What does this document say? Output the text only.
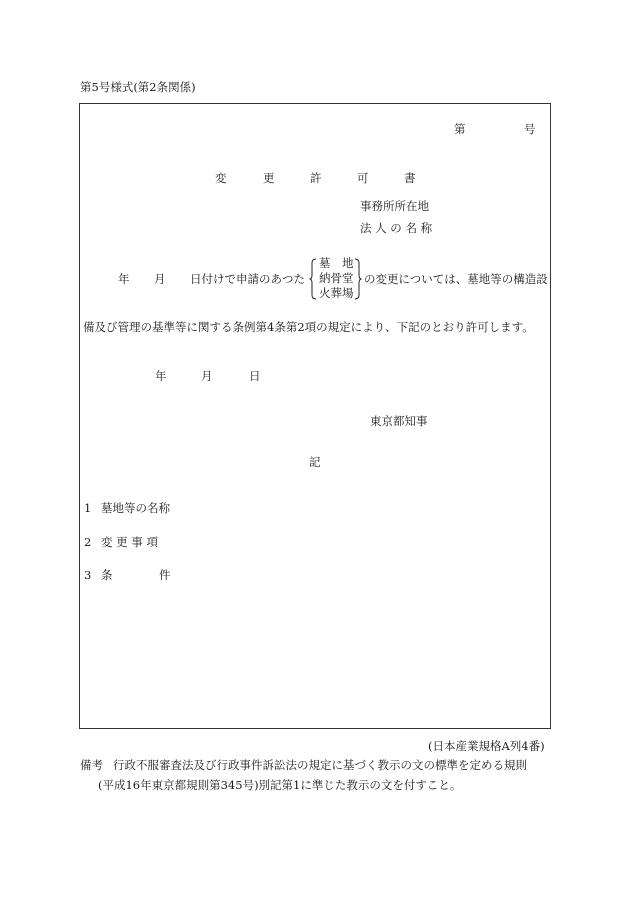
第5号様式(第2条関係)
第	号
変	更	許	可	書
事務所所在地
法 人 の 名 称
年 月 日付けで申請のあつた
墓　地
納骨堂
火葬場
の変更については、墓地等の構造設
備及び管理の基準等に関する条例第4条第2項の規定により、下記のとおり許可します。
年	月	日
東京都知事
記
1 墓地等の名称
2 変 更 事 項
3 条	件
(日本産業規格A列4番)
備考 行政不服審査法及び行政事件訴訟法の規定に基づく教示の文の標準を定める規則
(平成16年東京都規則第345号)別記第1に準じた教示の文を付すこと。
